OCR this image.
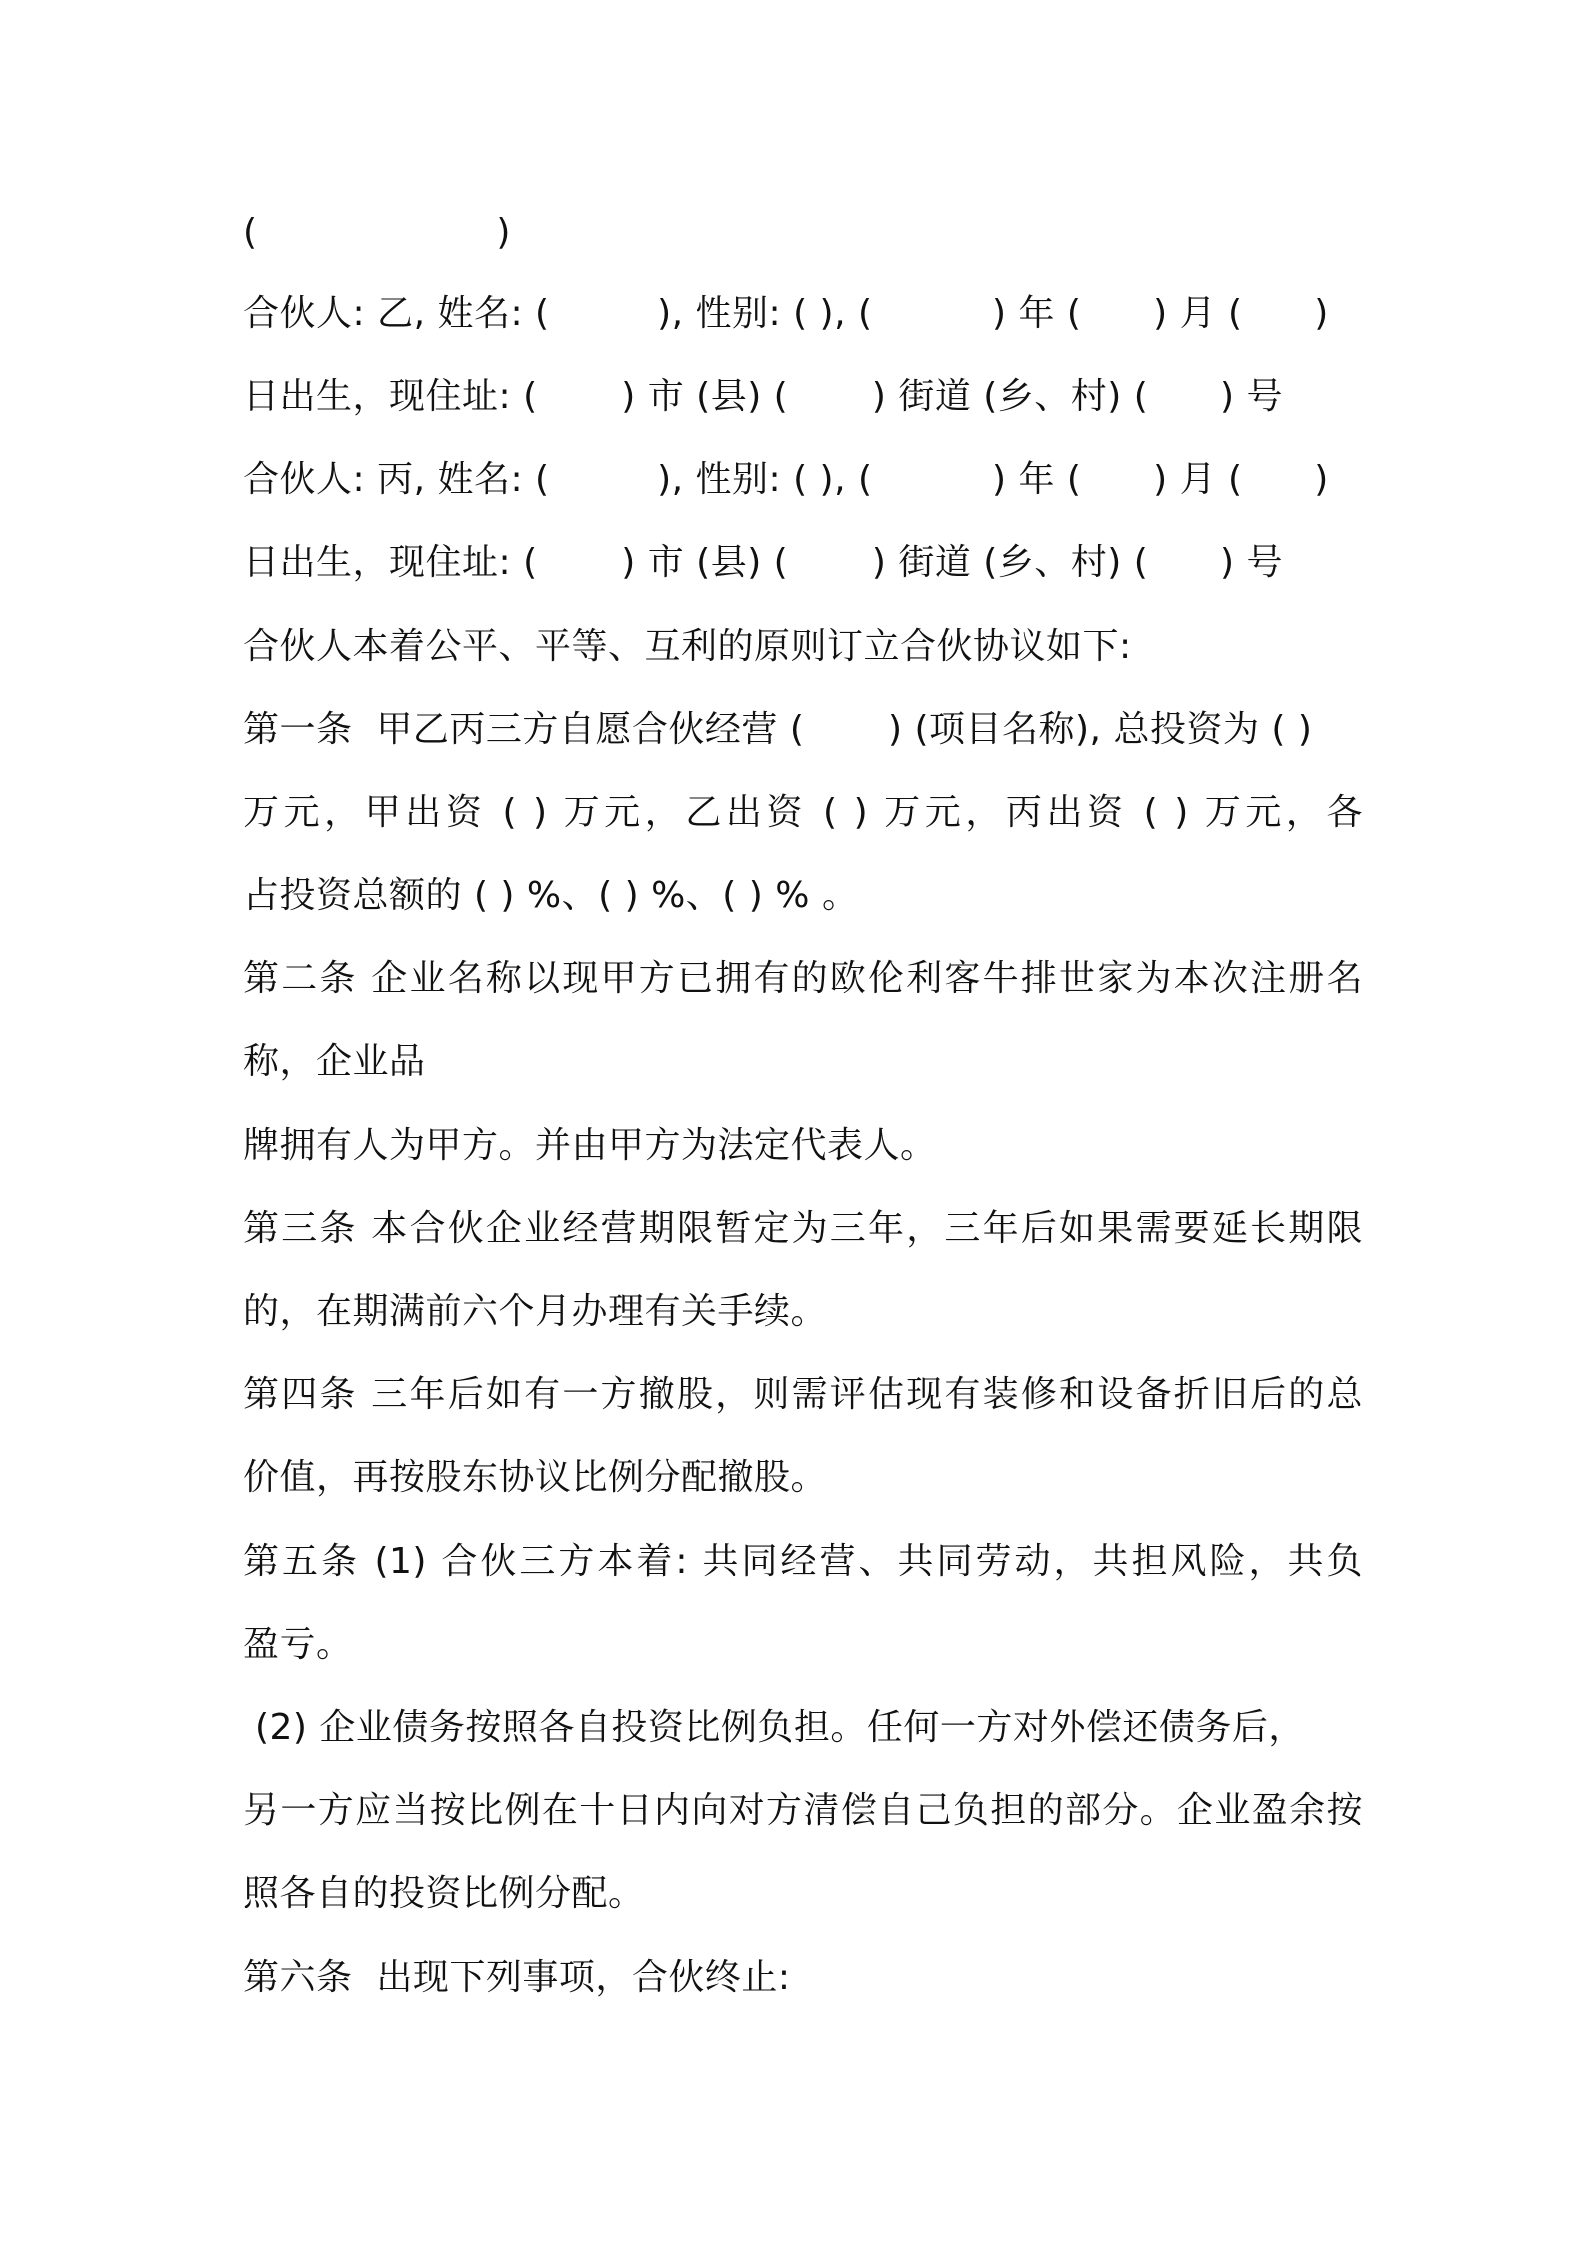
(                    )

合伙人: 乙, 姓名: (         ), 性别: ( ), (          ) 年 (      ) 月 (      )

日出生，现住址: (       ) 市 (县) (       ) 街道 (乡、村) (      ) 号

合伙人: 丙, 姓名: (         ), 性别: ( ), (          ) 年 (      ) 月 (      )

日出生，现住址: (       ) 市 (县) (       ) 街道 (乡、村) (      ) 号

合伙人本着公平、平等、互利的原则订立合伙协议如下:

第一条  甲乙丙三方自愿合伙经营 (       ) (项目名称), 总投资为 ( )

万元，甲出资 ( ) 万元，乙出资 ( ) 万元，丙出资 ( ) 万元，各

占投资总额的 ( ) %、( ) %、( ) % 。

第二条 企业名称以现甲方已拥有的欧伦利客牛排世家为本次注册名

称，企业品

牌拥有人为甲方。并由甲方为法定代表人。

第三条 本合伙企业经营期限暂定为三年，三年后如果需要延长期限

的，在期满前六个月办理有关手续。

第四条 三年后如有一方撤股，则需评估现有装修和设备折旧后的总

价值，再按股东协议比例分配撤股。

第五条 (1) 合伙三方本着: 共同经营、共同劳动，共担风险，共负

盈亏。

(2) 企业债务按照各自投资比例负担。任何一方对外偿还债务后，

另一方应当按比例在十日内向对方清偿自己负担的部分。企业盈余按

照各自的投资比例分配。

第六条  出现下列事项，合伙终止:
